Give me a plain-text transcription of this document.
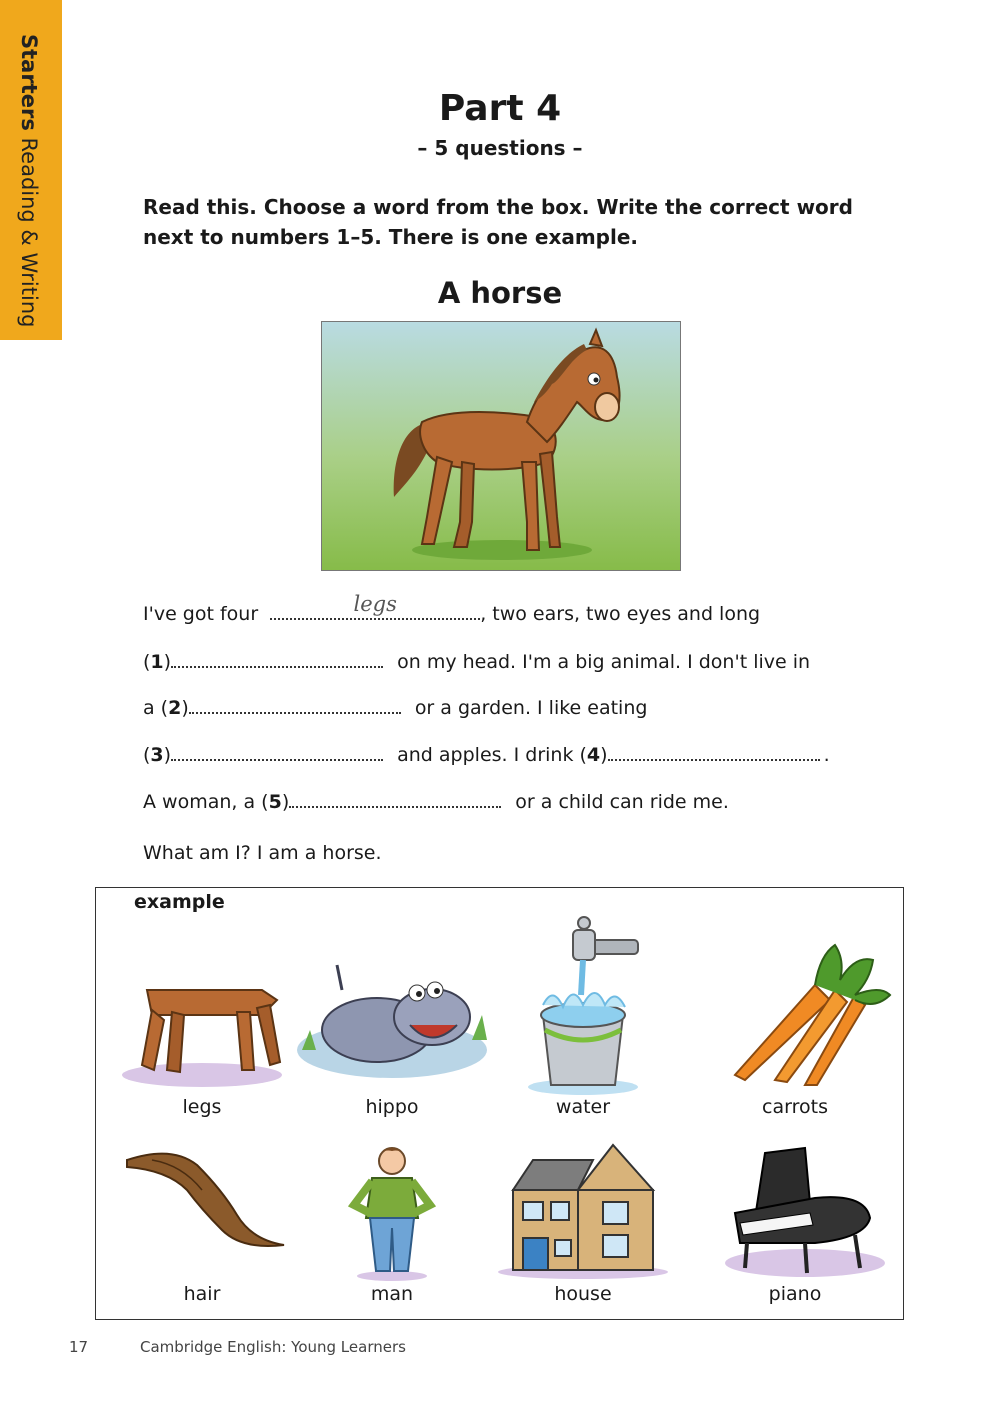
Starters Reading & Writing
Part 4
– 5 questions –
Read this. Choose a word from the box. Write the correct word next to numbers 1–5. There is one example.
A horse
I've got four	legs	, two ears, two eyes and long
(1)	on my head. I'm a big animal. I don't live in
a (2)	or a garden. I like eating
(3)	and apples. I drink (4)	.
A woman, a (5)	or a child can ride me.
What am I? I am a horse.
example
legs	hippo	water	carrots
hair	man	house	piano
17	Cambridge English: Young Learners
